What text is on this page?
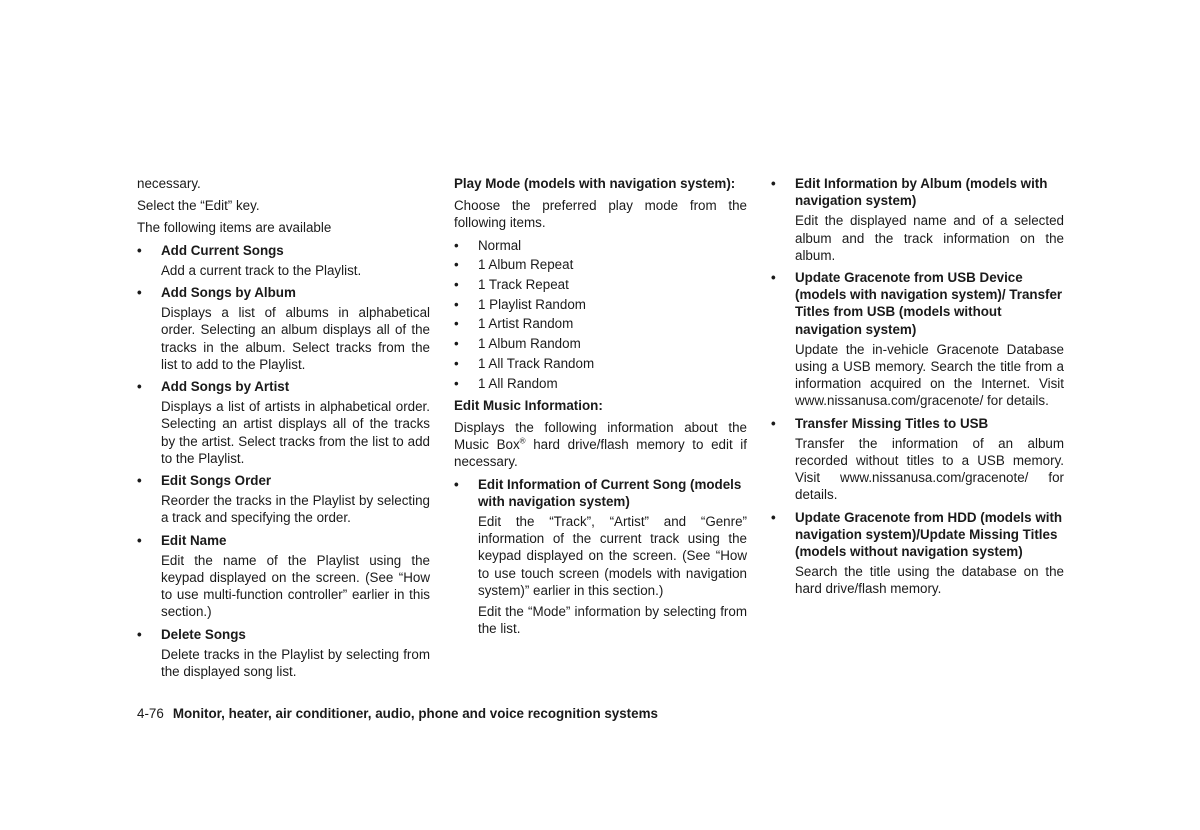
necessary.

Select the “Edit” key.

The following items are available

• Add Current Songs

Add a current track to the Playlist.

• Add Songs by Album

Displays a list of albums in alphabetical order. Selecting an album displays all of the tracks in the album. Select tracks from the list to add to the Playlist.

• Add Songs by Artist

Displays a list of artists in alphabetical order. Selecting an artist displays all of the tracks by the artist. Select tracks from the list to add to the Playlist.

• Edit Songs Order

Reorder the tracks in the Playlist by selecting a track and specifying the order.

• Edit Name

Edit the name of the Playlist using the keypad displayed on the screen. (See “How to use multi-function controller” earlier in this section.)

• Delete Songs

Delete tracks in the Playlist by selecting from the displayed song list.

Play Mode (models with navigation system):

Choose the preferred play mode from the following items.

• Normal
• 1 Album Repeat
• 1 Track Repeat
• 1 Playlist Random
• 1 Artist Random
• 1 Album Random
• 1 All Track Random
• 1 All Random
Edit Music Information:

Displays the following information about the Music Box® hard drive/flash memory to edit if necessary.

• Edit Information of Current Song (models with navigation system)

Edit the “Track”, “Artist” and “Genre” information of the current track using the keypad displayed on the screen. (See “How to use touch screen (models with navigation system)” earlier in this section.)

Edit the “Mode” information by selecting from the list.

• Edit Information by Album (models with navigation system)

Edit the displayed name and of a selected album and the track information on the album.

• Update Gracenote from USB Device (models with navigation system)/ Transfer Titles from USB (models without navigation system)

Update the in-vehicle Gracenote Database using a USB memory. Search the title from a information acquired on the Internet. Visit www.nissanusa.com/gracenote/ for details.

• Transfer Missing Titles to USB

Transfer the information of an album recorded without titles to a USB memory. Visit www.nissanusa.com/gracenote/ for details.

• Update Gracenote from HDD (models with navigation system)/Update Missing Titles (models without navigation system)

Search the title using the database on the hard drive/flash memory.

4-76 Monitor, heater, air conditioner, audio, phone and voice recognition systems
